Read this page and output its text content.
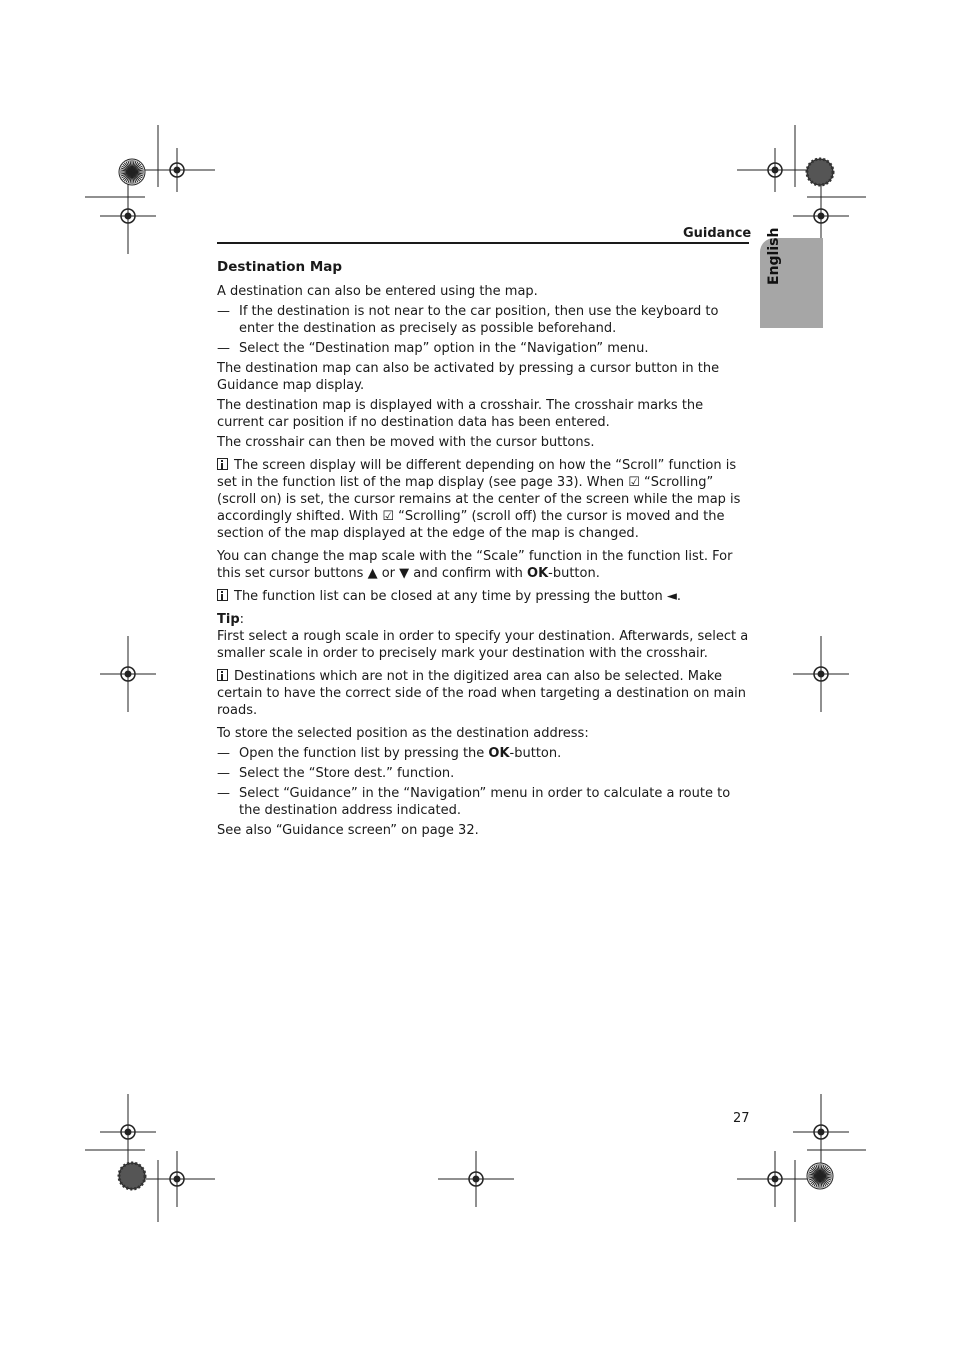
Guidance English
Destination Map

A destination can also be entered using the map.

— If the destination is not near to the car position, then use the keyboard to enter the destination as precisely as possible beforehand.
— Select the “Destination map” option in the “Navigation” menu.

The destination map can also be activated by pressing a cursor button in the Guidance map display.

The destination map is displayed with a crosshair. The crosshair marks the current car position if no destination data has been entered.

The crosshair can then be moved with the cursor buttons.

The screen display will be different depending on how the “Scroll” function is set in the function list of the map display (see page 33). When ☑ “Scrolling” (scroll on) is set, the cursor remains at the center of the screen while the map is accordingly shifted. With ☑ “Scrolling” (scroll off) the cursor is moved and the section of the map displayed at the edge of the map is changed.

You can change the map scale with the “Scale” function in the function list. For this set cursor buttons ▲ or ▼ and confirm with OK-button.

The function list can be closed at any time by pressing the button ◄.

Tip:

First select a rough scale in order to specify your destination. Afterwards, select a smaller scale in order to precisely mark your destination with the crosshair.

Destinations which are not in the digitized area can also be selected. Make certain to have the correct side of the road when targeting a destination on main roads.

To store the selected position as the destination address:

— Open the function list by pressing the OK-button.
— Select the “Store dest.” function.
— Select “Guidance” in the “Navigation” menu in order to calculate a route to the destination address indicated.

See also “Guidance screen” on page 32.

27
